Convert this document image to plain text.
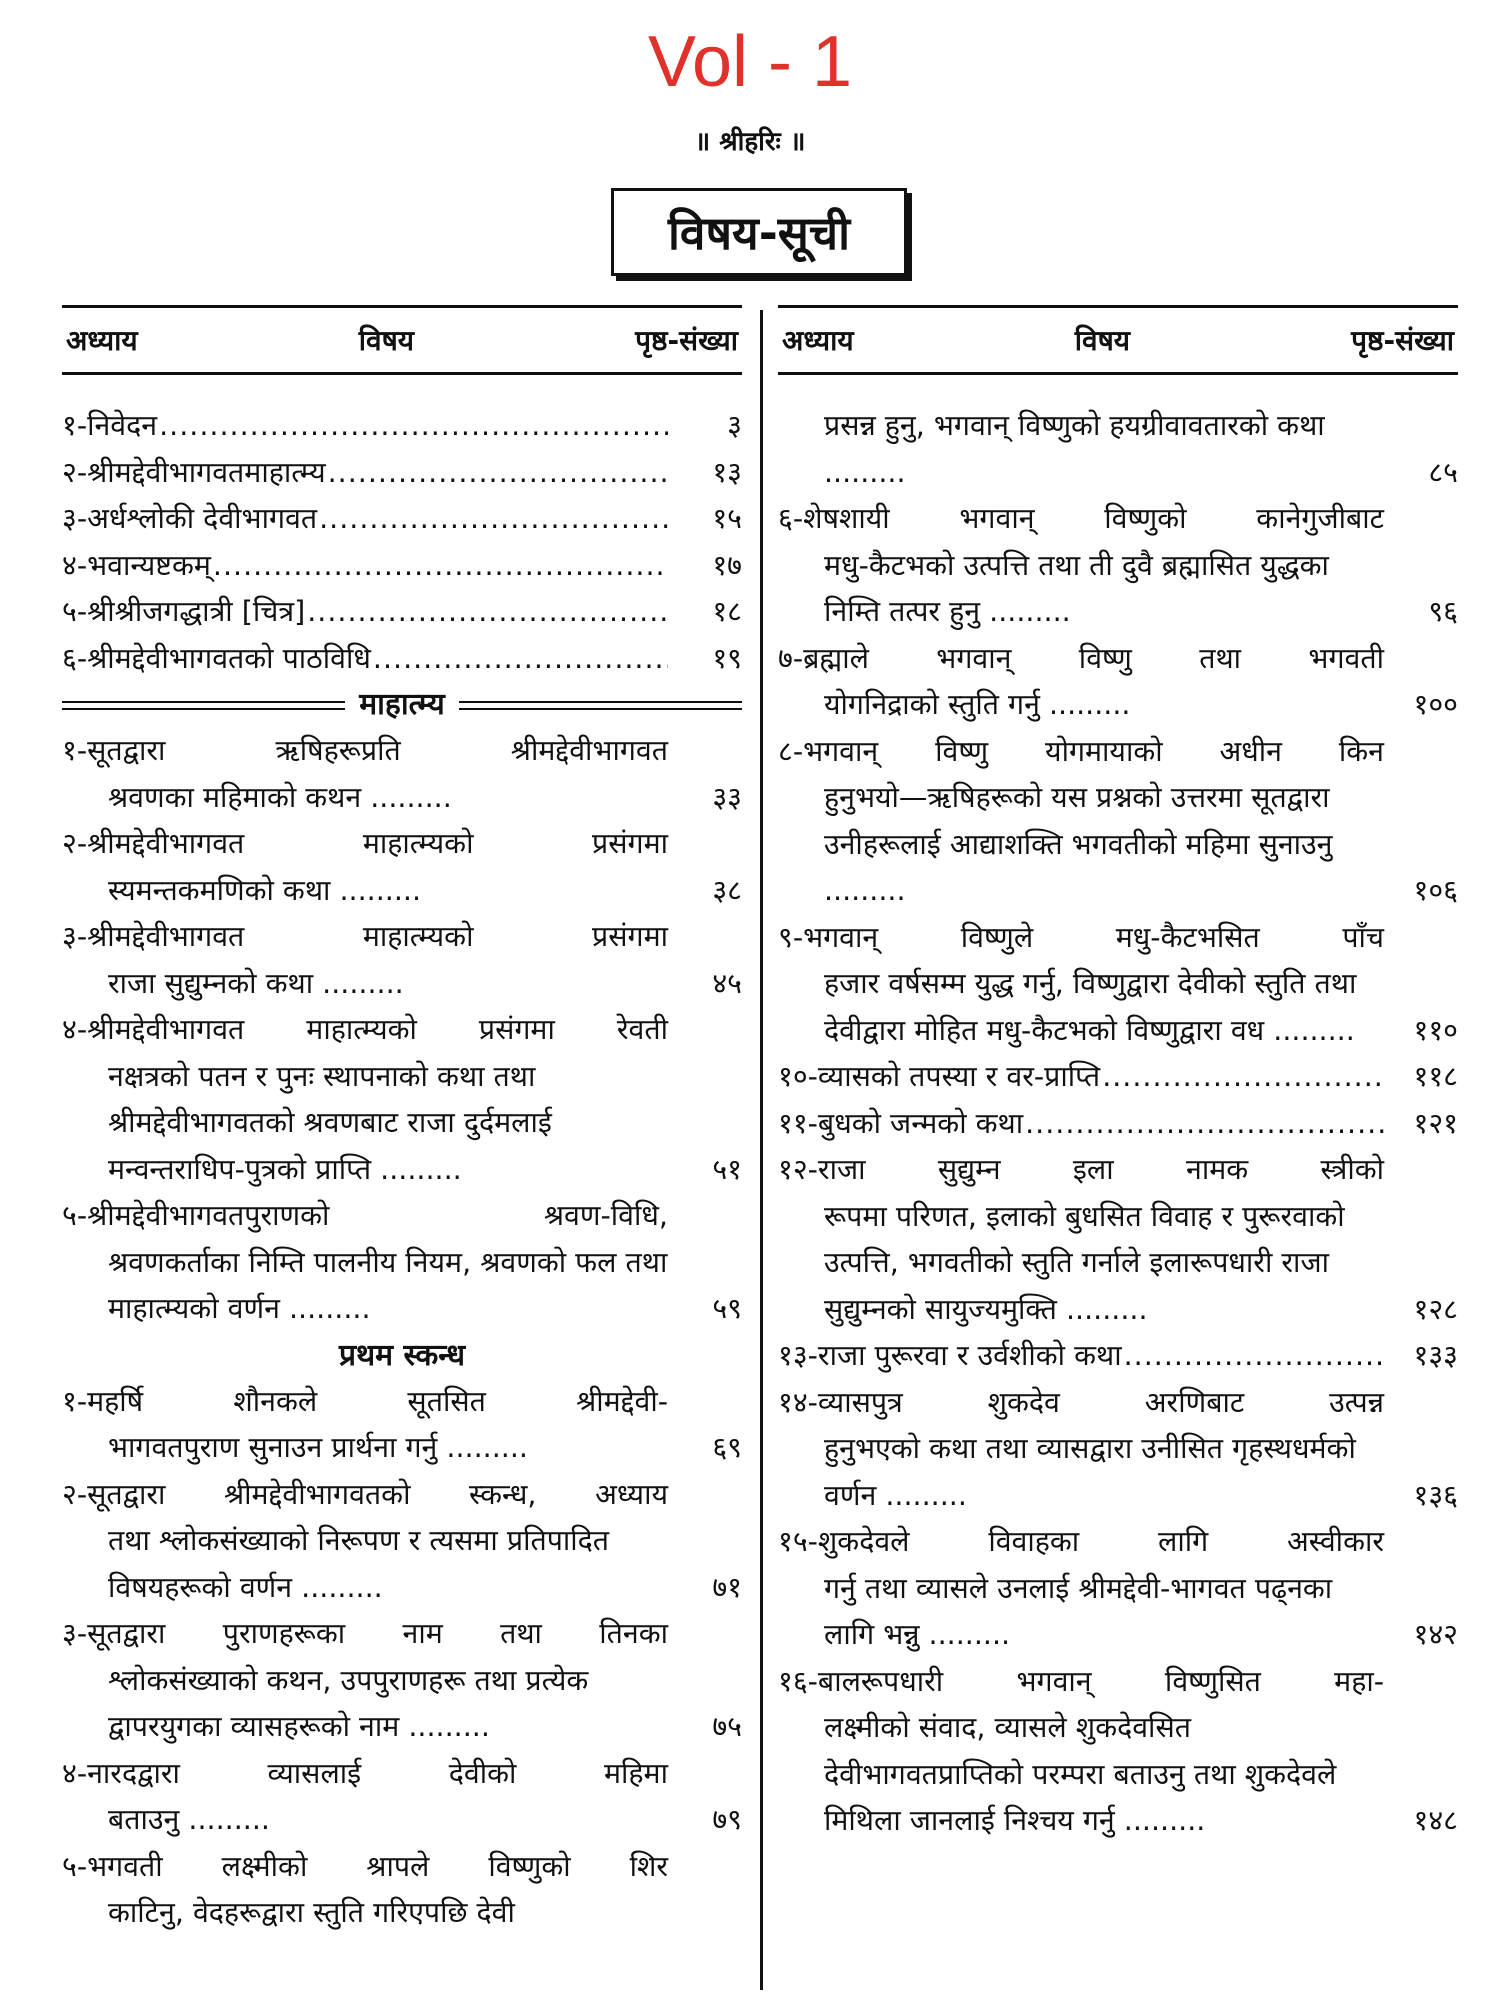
Vol - 1
॥ श्रीहरिः ॥
विषय-सूची
अध्याय	विषय	पृष्ठ-संख्या
१-निवेदन .....	३
२-श्रीमद्देवीभागवतमाहात्म्य .....	१३
३-अर्धश्लोकी देवीभागवत .....	१५
४-भवान्यष्टकम् .....	१७
५-श्रीश्रीजगद्धात्री [चित्र] .....	१८
६-श्रीमद्देवीभागवतको पाठविधि .....	१९
माहात्म्य
१-सूतद्वारा ऋषिहरूप्रति श्रीमद्देवीभागवत
श्रवणका महिमाको कथन .........	३३
२-श्रीमद्देवीभागवत माहात्म्यको प्रसंगमा
स्यमन्तकमणिको कथा .........	३८
३-श्रीमद्देवीभागवत माहात्म्यको प्रसंगमा
राजा सुद्युम्नको कथा .........	४५
४-श्रीमद्देवीभागवत माहात्म्यको प्रसंगमा रेवती
नक्षत्रको पतन र पुनः स्थापनाको कथा तथा श्रीमद्देवीभागवतको श्रवणबाट राजा दुर्दमलाई मन्वन्तराधिप-पुत्रको प्राप्ति .........	५१
५-श्रीमद्देवीभागवतपुराणको श्रवण-विधि,
श्रवणकर्ताका निम्ति पालनीय नियम, श्रवणको फल तथा माहात्म्यको वर्णन .........	५९
प्रथम स्कन्ध
१-महर्षि शौनकले सूतसित श्रीमद्देवी-
भागवतपुराण सुनाउन प्रार्थना गर्नु .........	६९
२-सूतद्वारा श्रीमद्देवीभागवतको स्कन्ध, अध्याय
तथा श्लोकसंख्याको निरूपण र त्यसमा प्रतिपादित विषयहरूको वर्णन .........	७१
३-सूतद्वारा पुराणहरूका नाम तथा तिनका
श्लोकसंख्याको कथन, उपपुराणहरू तथा प्रत्येक द्वापरयुगका व्यासहरूको नाम .........	७५
४-नारदद्वारा व्यासलाई देवीको महिमा
बताउनु .........	७९
५-भगवती लक्ष्मीको श्रापले विष्णुको शिर
काटिनु, वेदहरूद्वारा स्तुति गरिएपछि देवी
अध्याय	विषय	पृष्ठ-संख्या
प्रसन्न हुनु, भगवान् विष्णुको हयग्रीवावतारको कथा .........	८५
६-शेषशायी भगवान् विष्णुको कानेगुजीबाट
मधु-कैटभको उत्पत्ति तथा ती दुवै ब्रह्मासित युद्धका निम्ति तत्पर हुनु .........	९६
७-ब्रह्माले भगवान् विष्णु तथा भगवती
योगनिद्राको स्तुति गर्नु .........	१००
८-भगवान् विष्णु योगमायाको अधीन किन
हुनुभयो—ऋषिहरूको यस प्रश्नको उत्तरमा सूतद्वारा उनीहरूलाई आद्याशक्ति भगवतीको महिमा सुनाउनु .........	१०६
९-भगवान् विष्णुले मधु-कैटभसित पाँच
हजार वर्षसम्म युद्ध गर्नु, विष्णुद्वारा देवीको स्तुति तथा देवीद्वारा मोहित मधु-कैटभको विष्णुद्वारा वध .........	११०
१०-व्यासको तपस्या र वर-प्राप्ति .....	११८
११-बुधको जन्मको कथा .....	१२१
१२-राजा सुद्युम्न इला नामक स्त्रीको
रूपमा परिणत, इलाको बुधसित विवाह र पुरूरवाको उत्पत्ति, भगवतीको स्तुति गर्नाले इलारूपधारी राजा सुद्युम्नको सायुज्यमुक्ति .........	१२८
१३-राजा पुरूरवा र उर्वशीको कथा .....	१३३
१४-व्यासपुत्र शुकदेव अरणिबाट उत्पन्न
हुनुभएको कथा तथा व्यासद्वारा उनीसित गृहस्थधर्मको वर्णन .........	१३६
१५-शुकदेवले विवाहका लागि अस्वीकार
गर्नु तथा व्यासले उनलाई श्रीमद्देवी-भागवत पढ्नका लागि भन्नु .........	१४२
१६-बालरूपधारी भगवान् विष्णुसित महा-
लक्ष्मीको संवाद, व्यासले शुकदेवसित देवीभागवतप्राप्तिको परम्परा बताउनु तथा शुकदेवले मिथिला जानलाई निश्चय गर्नु .........	१४८
